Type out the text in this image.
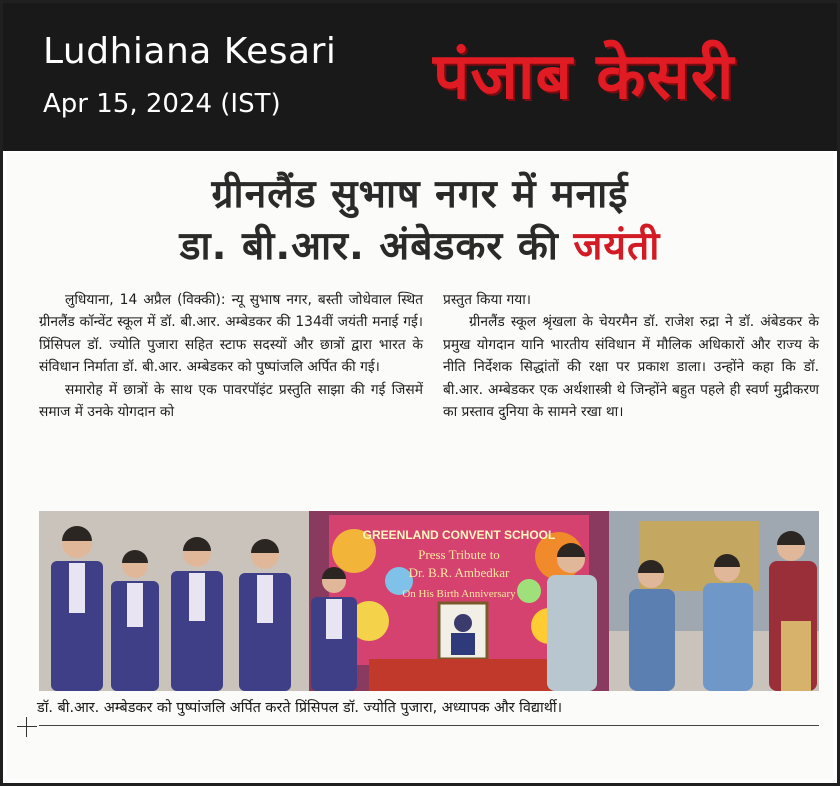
Ludhiana Kesari
Apr 15, 2024 (IST) पंजाब केसरी
ग्रीनलैंड सुभाष नगर में मनाई
डा. बी.आर. अंबेडकर की जयंती

लुधियाना, 14 अप्रैल (विक्की): न्यू सुभाष नगर, बस्ती जोधेवाल स्थित ग्रीनलैंड कॉन्वेंट स्कूल में डॉ. बी.आर. अम्बेडकर की 134वीं जयंती मनाई गई। प्रिंसिपल डॉ. ज्योति पुजारा सहित स्टाफ सदस्यों और छात्रों द्वारा भारत के संविधान निर्माता डॉ. बी.आर. अम्बेडकर को पुष्पांजलि अर्पित की गई।

समारोह में छात्रों के साथ एक पावरपॉइंट प्रस्तुति साझा की गई जिसमें समाज में उनके योगदान को

प्रस्तुत किया गया।

ग्रीनलैंड स्कूल श्रृंखला के चेयरमैन डॉ. राजेश रुद्रा ने डॉ. अंबेडकर के प्रमुख योगदान यानि भारतीय संविधान में मौलिक अधिकारों और राज्य के नीति निर्देशक सिद्धांतों की रक्षा पर प्रकाश डाला। उन्होंने कहा कि डॉ. बी.आर. अम्बेडकर एक अर्थशास्त्री थे जिन्होंने बहुत पहले ही स्वर्ण मुद्रीकरण का प्रस्ताव दुनिया के सामने रखा था।

GREENLAND CONVENT SCHOOL
Press Tribute to
Dr. B.R. Ambedkar
On His Birth Anniversary
डॉ. बी.आर. अम्बेडकर को पुष्पांजलि अर्पित करते प्रिंसिपल डॉ. ज्योति पुजारा, अध्यापक और विद्यार्थी।
